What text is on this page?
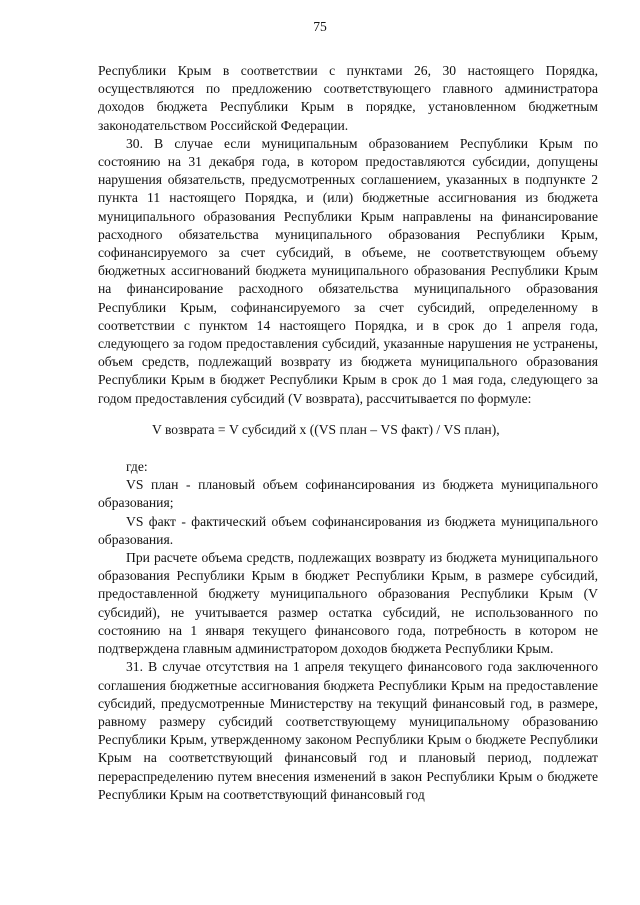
75

Республики Крым в соответствии с пунктами 26, 30 настоящего Порядка, осуществляются по предложению соответствующего главного администратора доходов бюджета Республики Крым в порядке, установленном бюджетным законодательством Российской Федерации.

30. В случае если муниципальным образованием Республики Крым по состоянию на 31 декабря года, в котором предоставляются субсидии, допущены нарушения обязательств, предусмотренных соглашением, указанных в подпункте 2 пункта 11 настоящего Порядка, и (или) бюджетные ассигнования из бюджета муниципального образования Республики Крым направлены на финансирование расходного обязательства муниципального образования Республики Крым, софинансируемого за счет субсидий, в объеме, не соответствующем объему бюджетных ассигнований бюджета муниципального образования Республики Крым на финансирование расходного обязательства муниципального образования Республики Крым, софинансируемого за счет субсидий, определенному в соответствии с пунктом 14 настоящего Порядка, и в срок до 1 апреля года, следующего за годом предоставления субсидий, указанные нарушения не устранены, объем средств, подлежащий возврату из бюджета муниципального образования Республики Крым в бюджет Республики Крым в срок до 1 мая года, следующего за годом предоставления субсидий (V возврата), рассчитывается по формуле:

V возврата = V субсидий х ((VS план – VS факт) / VS план),

где:

VS план - плановый объем софинансирования из бюджета муниципального образования;

VS факт - фактический объем софинансирования из бюджета муниципального образования.

При расчете объема средств, подлежащих возврату из бюджета муниципального образования Республики Крым в бюджет Республики Крым, в размере субсидий, предоставленной бюджету муниципального образования Республики Крым (V субсидий), не учитывается размер остатка субсидий, не использованного по состоянию на 1 января текущего финансового года, потребность в котором не подтверждена главным администратором доходов бюджета Республики Крым.

31. В случае отсутствия на 1 апреля текущего финансового года заключенного соглашения бюджетные ассигнования бюджета Республики Крым на предоставление субсидий, предусмотренные Министерству на текущий финансовый год, в размере, равному размеру субсидий соответствующему муниципальному образованию Республики Крым, утвержденному законом Республики Крым о бюджете Республики Крым на соответствующий финансовый год и плановый период, подлежат перераспределению путем внесения изменений в закон Республики Крым о бюджете Республики Крым на соответствующий финансовый год
